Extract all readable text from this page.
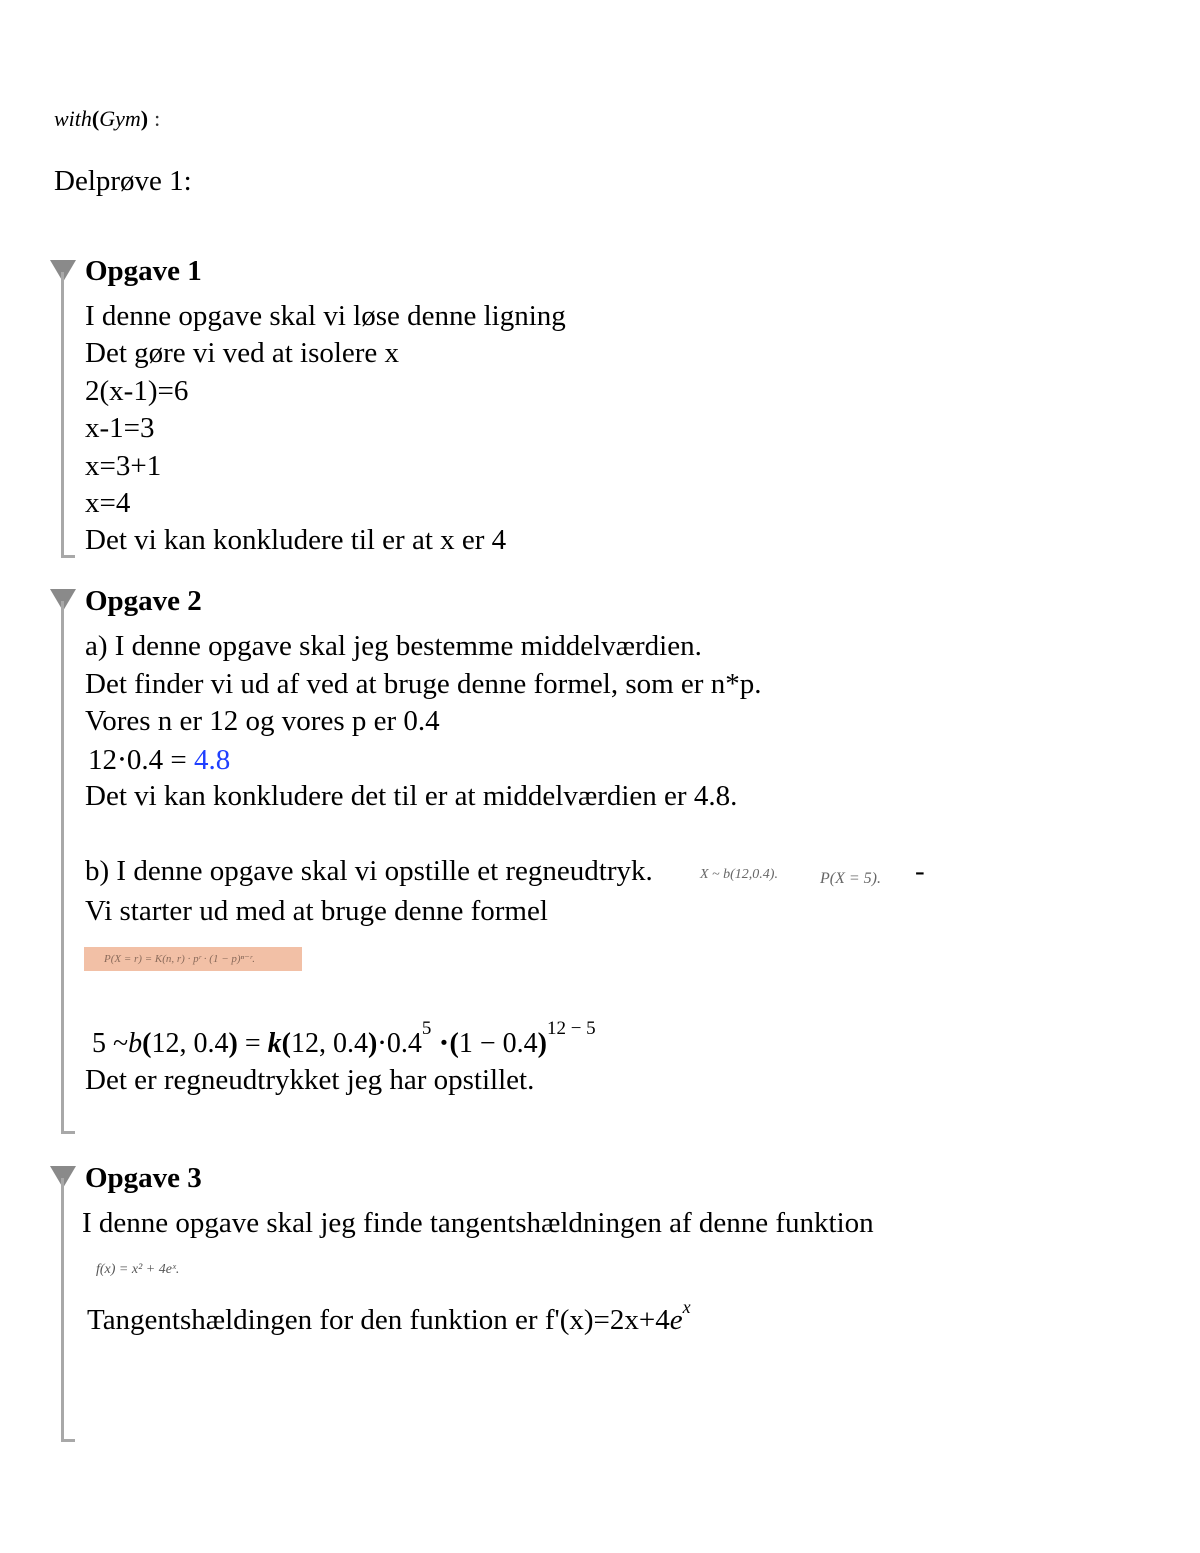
with(Gym) :
Delprøve 1:
Opgave 1
I denne opgave skal vi løse denne ligning
Det gøre vi ved at isolere x
2(x-1)=6
x-1=3
x=3+1
x=4
Det vi kan konkludere til er at x er 4
Opgave 2
a) I denne opgave skal jeg bestemme middelværdien.
Det finder vi ud af ved at bruge denne formel, som er n*p.
Vores n er 12 og vores p er 0.4
12⋅0.4 = 4.8
Det vi kan konkludere det til er at middelværdien er 4.8.
b) I denne opgave skal vi opstille et regneudtryk.	X ~ b(12,0.4).	P(X = 5). -
Vi starter ud med at bruge denne formel
P(X = r) = K(n, r) · pʳ · (1 − p)ⁿ⁻ʳ.
5 ~b(12, 0.4) = k(12, $0.4)\cdot 0.4^5 \cdot(1 - 0.4)^{12 - 5}$
Det er regneudtrykket jeg har opstillet.
Opgave 3
I denne opgave skal jeg finde tangentshældningen af denne funktion
f(x) = x² + 4eˣ.
Tangentshældingen for den funktion er $f'(x)=2x+4e^x$
